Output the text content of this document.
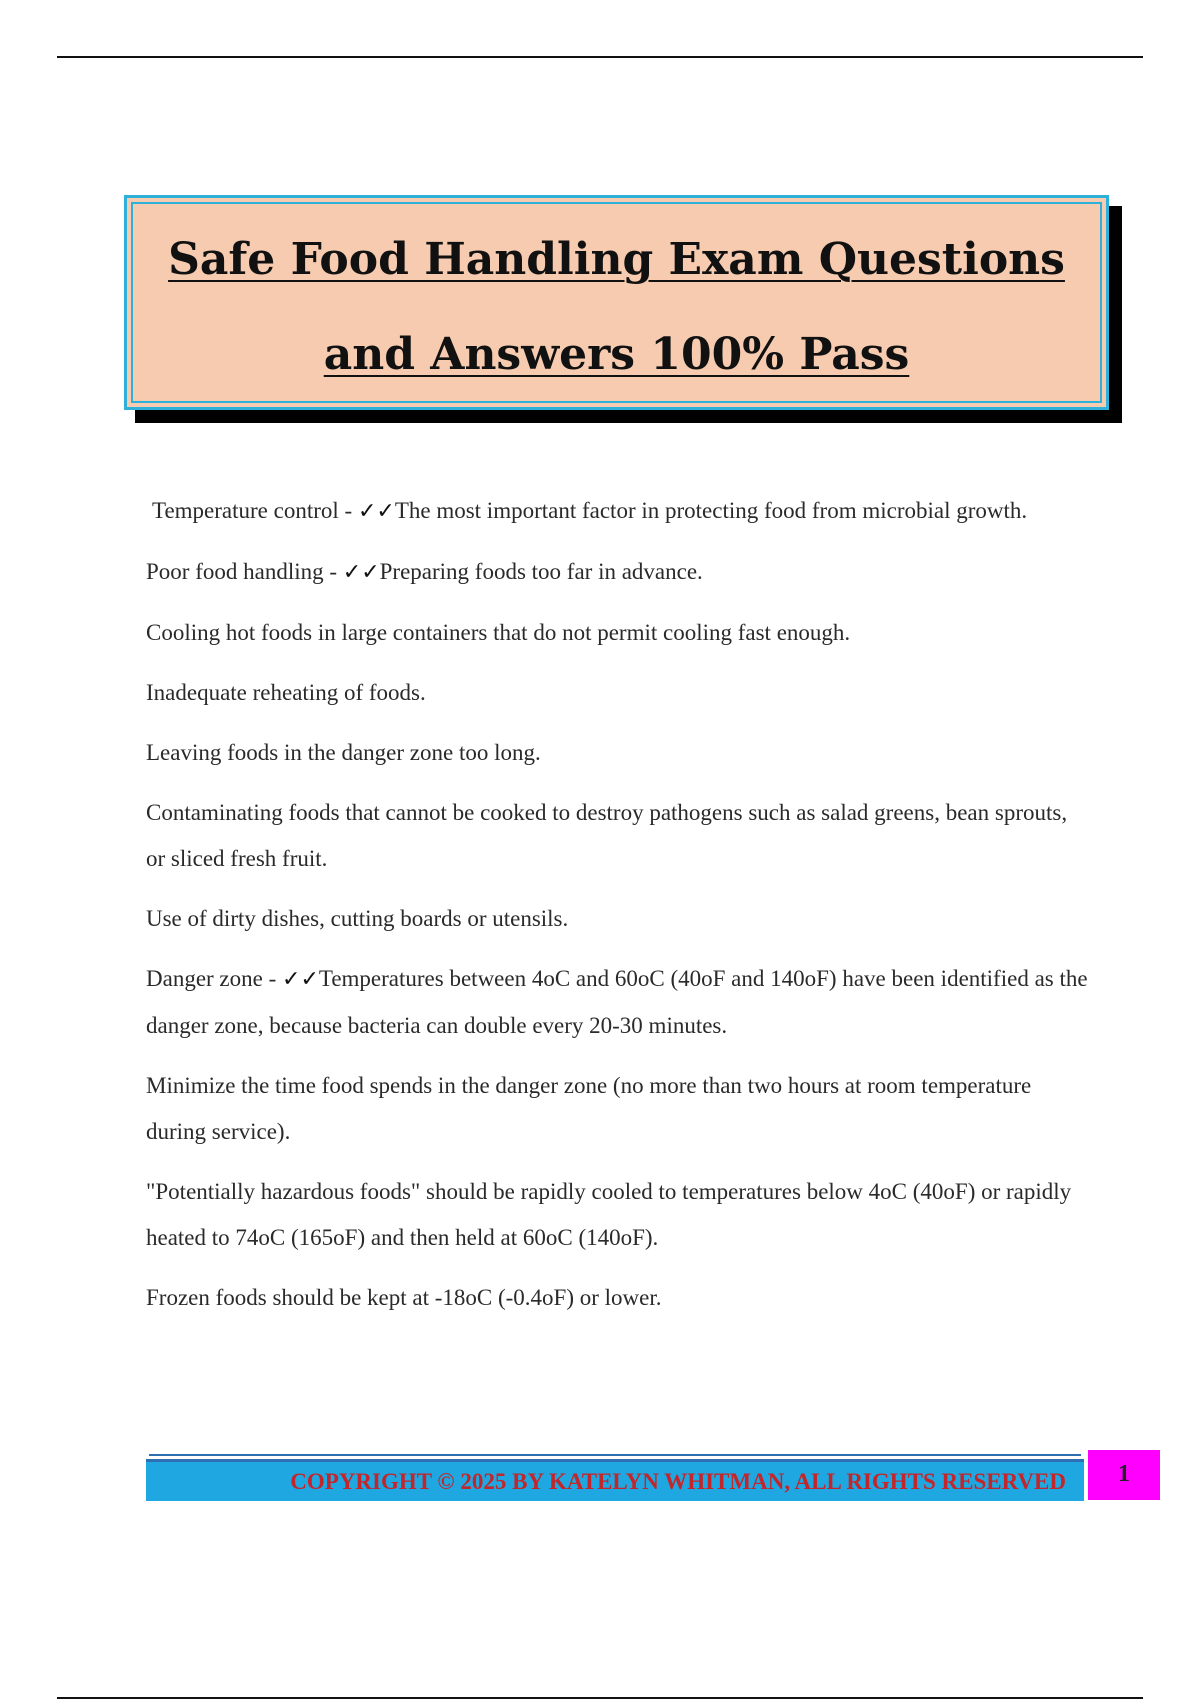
Safe Food Handling Exam Questions
and Answers 100% Pass

Temperature control - ✓✓The most important factor in protecting food from microbial growth.

Poor food handling - ✓✓Preparing foods too far in advance.

Cooling hot foods in large containers that do not permit cooling fast enough.

Inadequate reheating of foods.

Leaving foods in the danger zone too long.

Contaminating foods that cannot be cooked to destroy pathogens such as salad greens, bean sprouts, or sliced fresh fruit.

Use of dirty dishes, cutting boards or utensils.

Danger zone - ✓✓Temperatures between 4oC and 60oC (40oF and 140oF) have been identified as the danger zone, because bacteria can double every 20-30 minutes.

Minimize the time food spends in the danger zone (no more than two hours at room temperature during service).

"Potentially hazardous foods" should be rapidly cooled to temperatures below 4oC (40oF) or rapidly heated to 74oC (165oF) and then held at 60oC (140oF).

Frozen foods should be kept at -18oC (-0.4oF) or lower.

COPYRIGHT © 2025 BY KATELYN WHITMAN, ALL RIGHTS RESERVED	1
